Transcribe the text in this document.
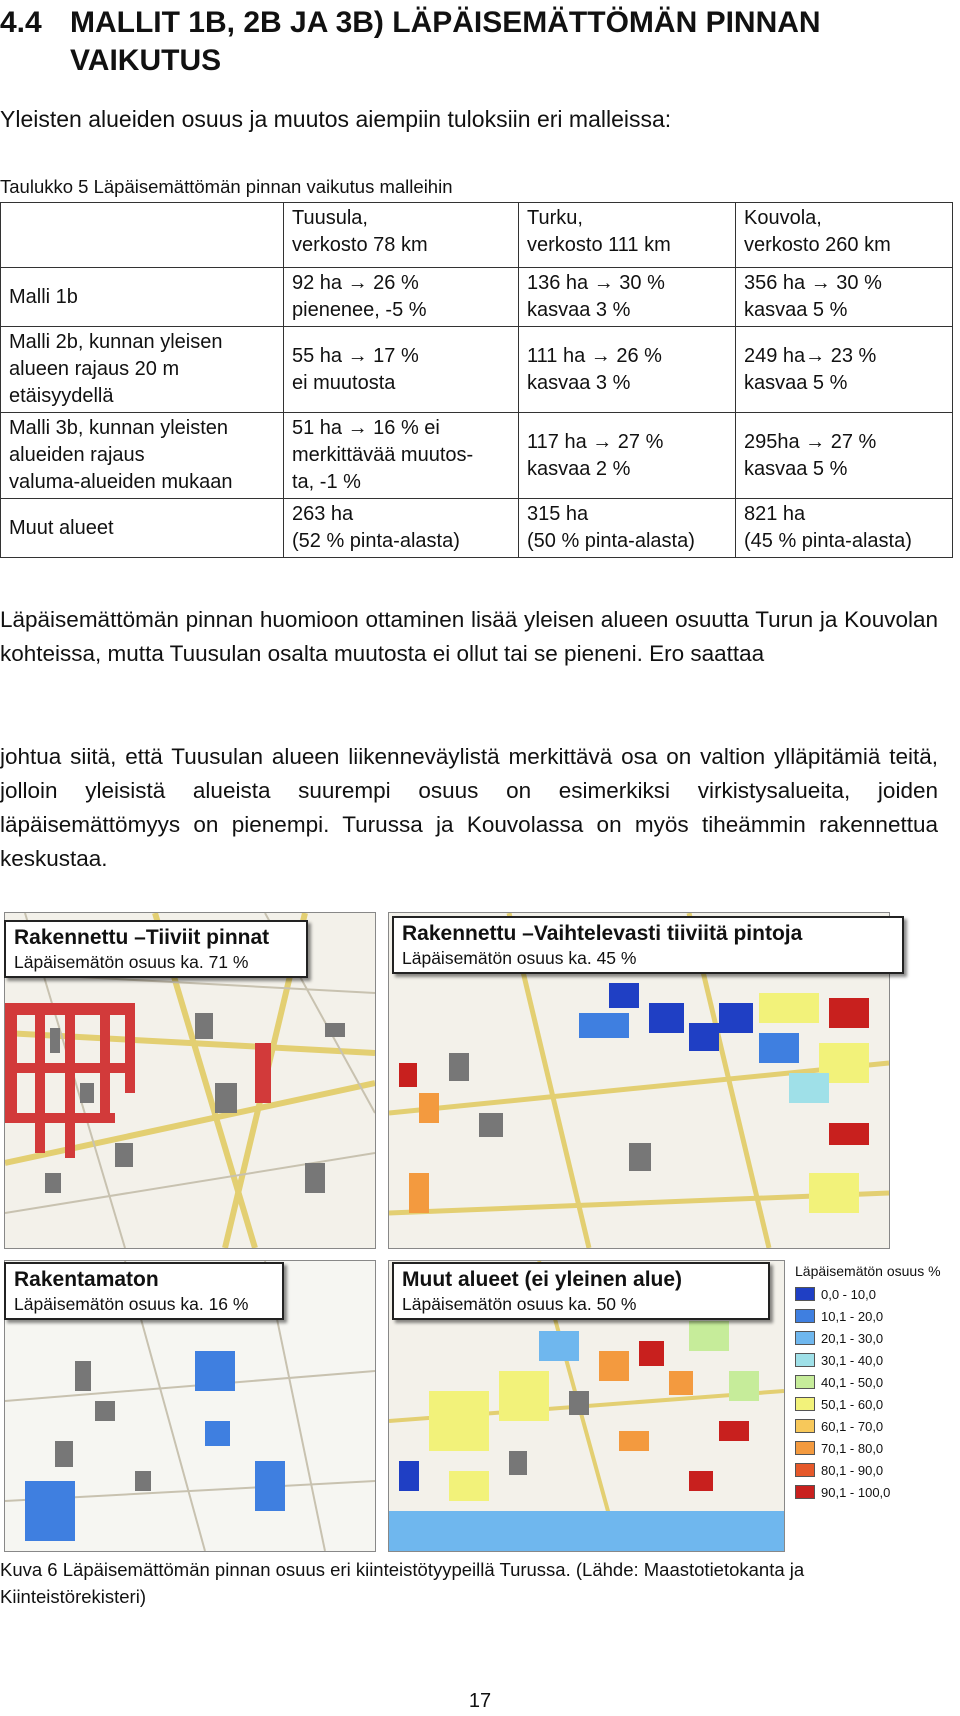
4.4 MALLIT 1B, 2B JA 3B) LÄPÄISEMÄTTÖMÄN PINNAN VAIKUTUS
Yleisten alueiden osuus ja muutos aiempiin tuloksiin eri malleissa:
Taulukko 5 Läpäisemättömän pinnan vaikutus malleihin

	Tuusula,
verkosto 78 km	Turku,
verkosto 111 km	Kouvola,
verkosto 260 km

Malli 1b	92 ha → 26 %
pienenee, -5 %	136 ha → 30 %
kasvaa 3 %	356 ha → 30 %
kasvaa 5 %

Malli 2b, kunnan yleisen
alueen rajaus 20 m
etäisyydellä	55 ha → 17 %
ei muutosta	111 ha → 26 %
kasvaa 3 %	249 ha→ 23 %
kasvaa 5 %

Malli 3b, kunnan yleisten
alueiden rajaus
valuma-alueiden mukaan	51 ha → 16 % ei
merkittävää muutos-
ta, -1 %	117 ha → 27 %
kasvaa 2 %	295ha → 27 %
kasvaa 5 %

Muut alueet	263 ha
(52 % pinta-alasta)	315 ha
(50 % pinta-alasta)	821 ha
(45 % pinta-alasta)
Läpäisemättömän pinnan huomioon ottaminen lisää yleisen alueen osuutta Turun ja Kouvolan kohteissa, mutta Tuusulan osalta muutosta ei ollut tai se pieneni. Ero saattaa
johtua siitä, että Tuusulan alueen liikenneväylistä merkittävä osa on valtion ylläpitämiä teitä, jolloin yleisistä alueista suurempi osuus on esimerkiksi virkistysalueita, joiden läpäisemättömyys on pienempi. Turussa ja Kouvolassa on myös tiheämmin rakennettua keskustaa.
Rakennettu –Tiiviit pinnat
Läpäisemätön osuus ka. 71 %
Rakennettu –Vaihtelevasti tiiviitä pintoja
Läpäisemätön osuus ka. 45 %
Rakentamaton
Läpäisemätön osuus ka. 16 %
Muut alueet (ei yleinen alue)
Läpäisemätön osuus ka. 50 %
Läpäisemätön osuus %
0,0 - 10,0
10,1 - 20,0
20,1 - 30,0
30,1 - 40,0
40,1 - 50,0
50,1 - 60,0
60,1 - 70,0
70,1 - 80,0
80,1 - 90,0
90,1 - 100,0
Kuva 6 Läpäisemättömän pinnan osuus eri kiinteistötyypeillä Turussa. (Lähde: Maastotietokanta ja Kiinteistörekisteri)
17
